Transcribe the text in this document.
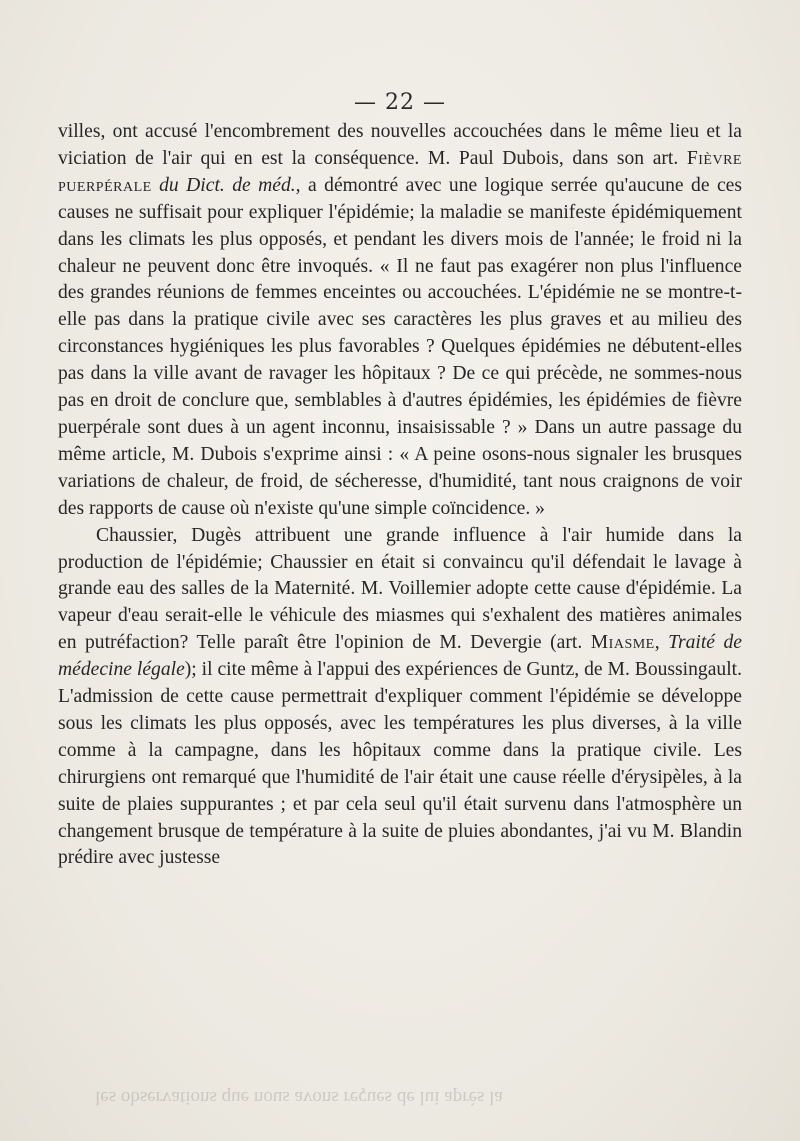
— 22 —

villes, ont accusé l'encombrement des nouvelles accouchées dans le même lieu et la viciation de l'air qui en est la conséquence. M. Paul Dubois, dans son art. Fièvre puerpérale du Dict. de méd., a démontré avec une logique serrée qu'aucune de ces causes ne suffisait pour expliquer l'épidémie; la maladie se manifeste épidémiquement dans les climats les plus opposés, et pendant les divers mois de l'année; le froid ni la chaleur ne peuvent donc être invoqués. « Il ne faut pas exagérer non plus l'influence des grandes réunions de femmes enceintes ou accouchées. L'épidémie ne se montre-t-elle pas dans la pratique civile avec ses caractères les plus graves et au milieu des circonstances hygiéniques les plus favorables ? Quelques épidémies ne débutent-elles pas dans la ville avant de ravager les hôpitaux ? De ce qui précède, ne sommes-nous pas en droit de conclure que, semblables à d'autres épidémies, les épidémies de fièvre puerpérale sont dues à un agent inconnu, insaisissable ? » Dans un autre passage du même article, M. Dubois s'exprime ainsi : « A peine osons-nous signaler les brusques variations de chaleur, de froid, de sécheresse, d'humidité, tant nous craignons de voir des rapports de cause où n'existe qu'une simple coïncidence. »

Chaussier, Dugès attribuent une grande influence à l'air humide dans la production de l'épidémie; Chaussier en était si convaincu qu'il défendait le lavage à grande eau des salles de la Maternité. M. Voillemier adopte cette cause d'épidémie. La vapeur d'eau serait-elle le véhicule des miasmes qui s'exhalent des matières animales en putréfaction? Telle paraît être l'opinion de M. Devergie (art. Miasme, Traité de médecine légale); il cite même à l'appui des expériences de Guntz, de M. Boussingault. L'admission de cette cause permettrait d'expliquer comment l'épidémie se développe sous les climats les plus opposés, avec les températures les plus diverses, à la ville comme à la campagne, dans les hôpitaux comme dans la pratique civile. Les chirurgiens ont remarqué que l'humidité de l'air était une cause réelle d'érysipèles, à la suite de plaies suppurantes ; et par cela seul qu'il était survenu dans l'atmosphère un changement brusque de température à la suite de pluies abondantes, j'ai vu M. Blandin prédire avec justesse

les observations que nous avons reçues de lui après la
